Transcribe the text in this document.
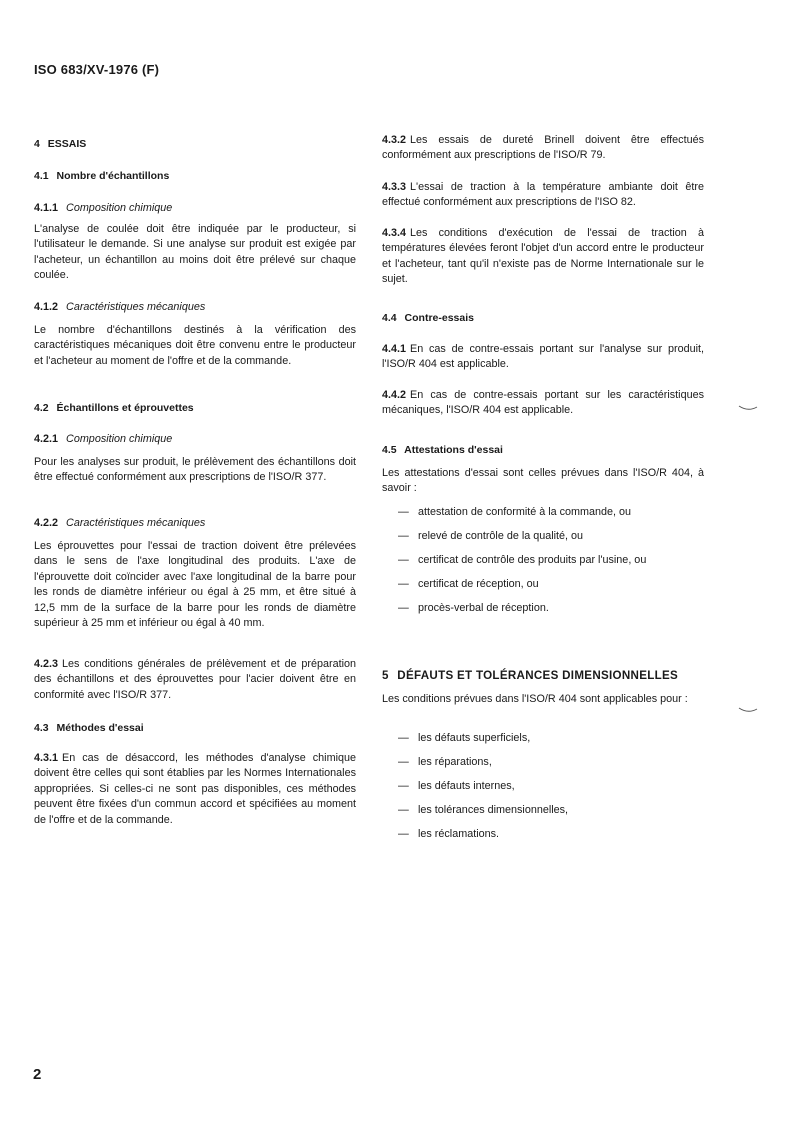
ISO 683/XV-1976 (F)
4 ESSAIS
4.1 Nombre d'échantillons
4.1.1 Composition chimique
L'analyse de coulée doit être indiquée par le producteur, si l'utilisateur le demande. Si une analyse sur produit est exigée par l'acheteur, un échantillon au moins doit être prélevé sur chaque coulée.
4.1.2 Caractéristiques mécaniques
Le nombre d'échantillons destinés à la vérification des caractéristiques mécaniques doit être convenu entre le producteur et l'acheteur au moment de l'offre et de la commande.
4.2 Échantillons et éprouvettes
4.2.1 Composition chimique
Pour les analyses sur produit, le prélèvement des échantillons doit être effectué conformément aux prescriptions de l'ISO/R 377.
4.2.2 Caractéristiques mécaniques
Les éprouvettes pour l'essai de traction doivent être prélevées dans le sens de l'axe longitudinal des produits. L'axe de l'éprouvette doit coïncider avec l'axe longitudinal de la barre pour les ronds de diamètre inférieur ou égal à 25 mm, et être situé à 12,5 mm de la surface de la barre pour les ronds de diamètre supérieur à 25 mm et inférieur ou égal à 40 mm.
4.2.3 Les conditions générales de prélèvement et de préparation des échantillons et des éprouvettes pour l'acier doivent être en conformité avec l'ISO/R 377.
4.3 Méthodes d'essai
4.3.1 En cas de désaccord, les méthodes d'analyse chimique doivent être celles qui sont établies par les Normes Internationales appropriées. Si celles-ci ne sont pas disponibles, ces méthodes peuvent être fixées d'un commun accord et spécifiées au moment de l'offre et de la commande.
4.3.2 Les essais de dureté Brinell doivent être effectués conformément aux prescriptions de l'ISO/R 79.
4.3.3 L'essai de traction à la température ambiante doit être effectué conformément aux prescriptions de l'ISO 82.
4.3.4 Les conditions d'exécution de l'essai de traction à températures élevées feront l'objet d'un accord entre le producteur et l'acheteur, tant qu'il n'existe pas de Norme Internationale sur le sujet.
4.4 Contre-essais
4.4.1 En cas de contre-essais portant sur l'analyse sur produit, l'ISO/R 404 est applicable.
4.4.2 En cas de contre-essais portant sur les caractéristiques mécaniques, l'ISO/R 404 est applicable.
4.5 Attestations d'essai
Les attestations d'essai sont celles prévues dans l'ISO/R 404, à savoir :
— attestation de conformité à la commande, ou
— relevé de contrôle de la qualité, ou
— certificat de contrôle des produits par l'usine, ou
— certificat de réception, ou
— procès-verbal de réception.
5 DÉFAUTS ET TOLÉRANCES DIMENSIONNELLES
Les conditions prévues dans l'ISO/R 404 sont applicables pour :
— les défauts superficiels,
— les réparations,
— les défauts internes,
— les tolérances dimensionnelles,
— les réclamations.
2
